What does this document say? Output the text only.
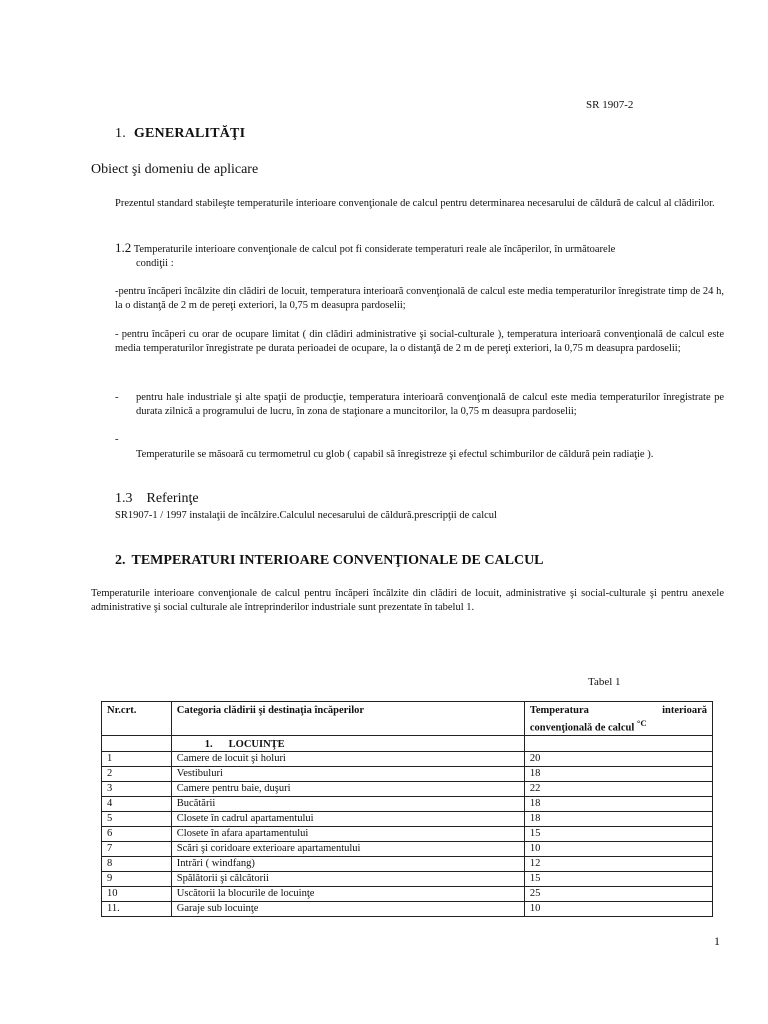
SR 1907-2
1. GENERALITĂŢI
Obiect şi domeniu de aplicare
Prezentul standard stabileşte temperaturile interioare convenţionale de calcul pentru determinarea necesarului de căldură de calcul al clădirilor.
1.2 Temperaturile interioare convenţionale de calcul pot fi considerate temperaturi reale ale încăperilor, în următoarele
condiţii :
-pentru încăperi încălzite din clădiri de locuit, temperatura interioară convenţională de calcul este media temperaturilor înregistrate timp de 24 h, la o distanţă de 2 m de pereţi exteriori, la 0,75 m deasupra pardoselii;
- pentru încăperi cu orar de ocupare limitat ( din clădiri administrative şi social-culturale ), temperatura interioară convenţională de calcul este media temperaturilor înregistrate pe durata perioadei de ocupare, la o distanţă de 2 m de pereţi exteriori, la 0,75 m deasupra pardoselii;
-	pentru hale industriale şi alte spaţii de producţie, temperatura interioară convenţională de calcul este media temperaturilor înregistrate pe durata zilnică a programului de lucru, în zona de staţionare a muncitorilor, la 0,75 m deasupra pardoselii;
-
Temperaturile se măsoară cu termometrul cu glob ( capabil să înregistreze şi efectul schimburilor de căldură pein radiaţie ).
1.3 Referinţe
SR1907-1 / 1997 instalaţii de încălzire.Calculul necesarului de căldură.prescripţii de calcul
2. TEMPERATURI INTERIOARE CONVENŢIONALE DE CALCUL
Temperaturile interioare convenţionale de calcul pentru încăperi încălzite din clădiri de locuit, administrative şi social-culturale şi pentru anexele administrative şi social culturale ale întreprinderilor industriale sunt prezentate în tabelul 1.
Tabel 1
Nr.crt.	Categoria clădirii şi destinaţia încăperilor	Temperatura interioară
convenţională de calcul $^{^\circ C}$

	1. LOCUINŢE	

1	Camere de locuit şi holuri	20
2	Vestibuluri	18
3	Camere pentru baie, duşuri	22
4	Bucătării	18
5	Closete în cadrul apartamentului	18
6	Closete în afara apartamentului	15
7	Scări şi coridoare exterioare apartamentului	10
8	Intrări ( windfang)	12
9	Spălătorii şi călcătorii	15
10	Uscătorii la blocurile de locuinţe	25
11.	Garaje sub locuinţe	10
1
